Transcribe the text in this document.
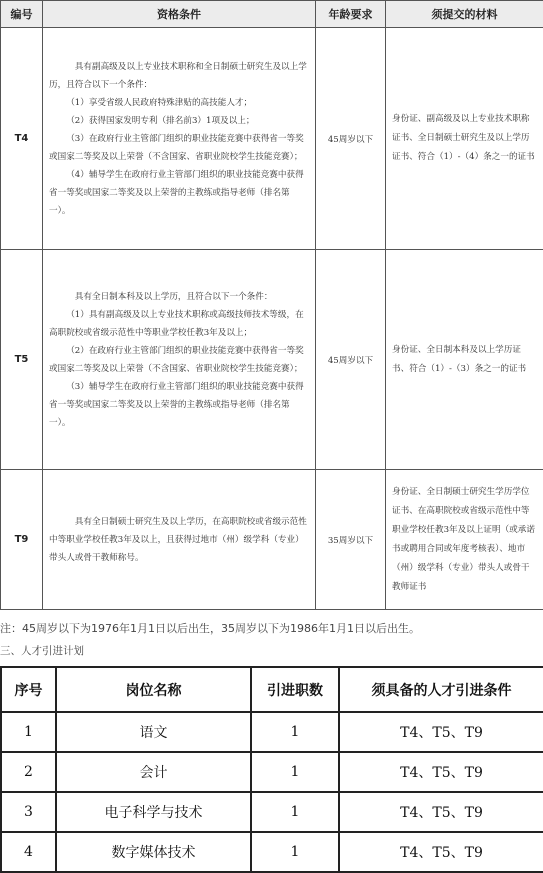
编号	资格条件	年龄要求	须提交的材料
T4	具有副高级及以上专业技术职称和全日制硕士研究生及以上学历，且符合以下一个条件：

（1）享受省级人民政府特殊津贴的高技能人才；

（2）获得国家发明专利（排名前3）1项及以上；

（3）在政府行业主管部门组织的职业技能竞赛中获得省一等奖或国家二等奖及以上荣誉（不含国家、省职业院校学生技能竞赛）；

（4）辅导学生在政府行业主管部门组织的职业技能竞赛中获得省一等奖或国家二等奖及以上荣誉的主教练或指导老师（排名第一）。	45周岁以下	身份证、副高级及以上专业技术职称证书、全日制硕士研究生及以上学历证书、符合（1）-（4）条之一的证书
T5	具有全日制本科及以上学历，且符合以下一个条件：

（1）具有副高级及以上专业技术职称或高级技师技术等级，在高职院校或省级示范性中等职业学校任教3年及以上；

（2）在政府行业主管部门组织的职业技能竞赛中获得省一等奖或国家二等奖及以上荣誉（不含国家、省职业院校学生技能竞赛）；

（3）辅导学生在政府行业主管部门组织的职业技能竞赛中获得省一等奖或国家二等奖及以上荣誉的主教练或指导老师（排名第一）。	45周岁以下	身份证、全日制本科及以上学历证书、符合（1）-（3）条之一的证书
T9	具有全日制硕士研究生及以上学历，在高职院校或省级示范性中等职业学校任教3年及以上，且获得过地市（州）级学科（专业）带头人或骨干教师称号。	35周岁以下	身份证、全日制硕士研究生学历学位证书、在高职院校或省级示范性中等职业学校任教3年及以上证明（或承诺书或聘用合同或年度考核表）、地市（州）级学科（专业）带头人或骨干教师证书
注：45周岁以下为1976年1月1日以后出生，35周岁以下为1986年1月1日以后出生。
三、人才引进计划
序号	岗位名称	引进职数	须具备的人才引进条件
1	语文	1	T4、T5、T9
2	会计	1	T4、T5、T9
3	电子科学与技术	1	T4、T5、T9
4	数字媒体技术	1	T4、T5、T9
